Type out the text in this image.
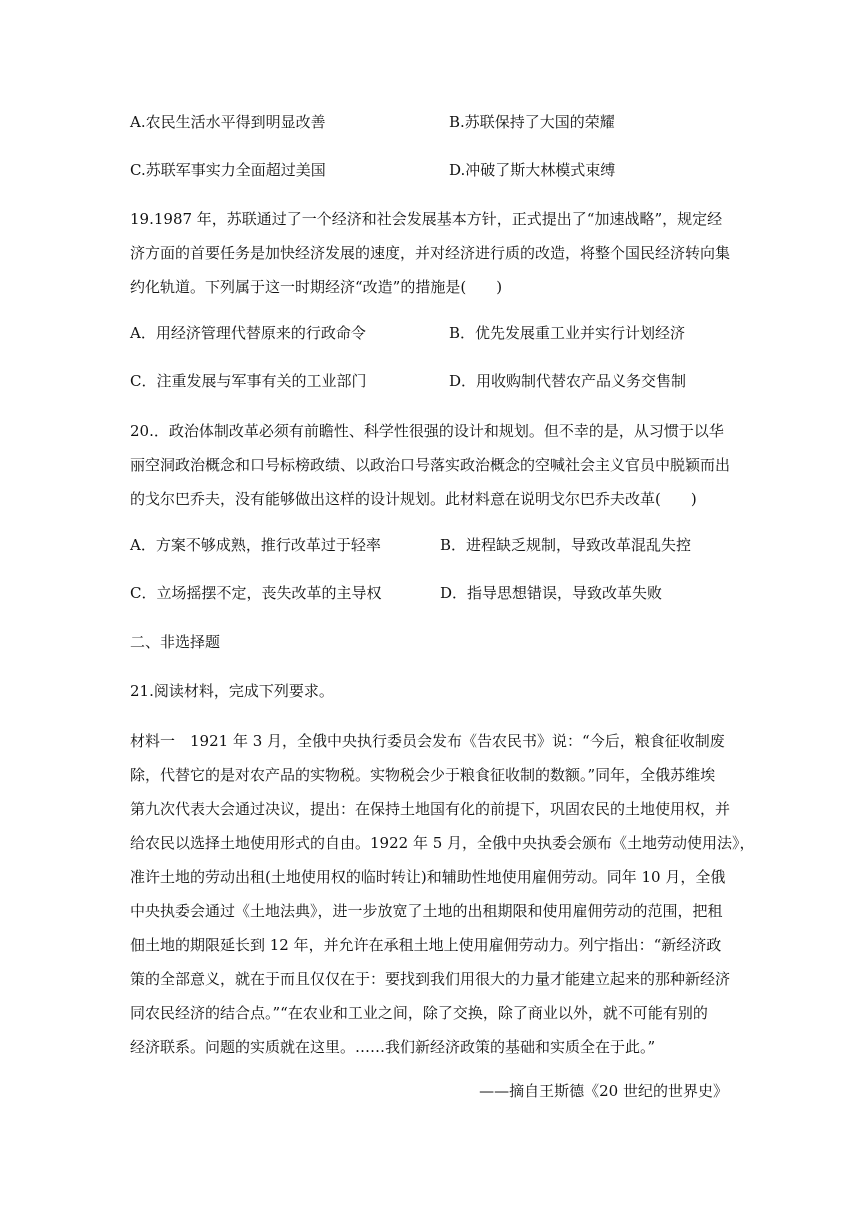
A.农民生活水平得到明显改善	B.苏联保持了大国的荣耀
C.苏联军事实力全面超过美国	D.冲破了斯大林模式束缚
19.1987 年，苏联通过了一个经济和社会发展基本方针，正式提出了“加速战略”，规定经
济方面的首要任务是加快经济发展的速度，并对经济进行质的改造，将整个国民经济转向集
约化轨道。下列属于这一时期经济“改造”的措施是(　　)
A．用经济管理代替原来的行政命令	B．优先发展重工业并实行计划经济
C．注重发展与军事有关的工业部门	D．用收购制代替农产品义务交售制
20.．政治体制改革必须有前瞻性、科学性很强的设计和规划。但不幸的是，从习惯于以华
丽空洞政治概念和口号标榜政绩、以政治口号落实政治概念的空喊社会主义官员中脱颖而出
的戈尔巴乔夫，没有能够做出这样的设计规划。此材料意在说明戈尔巴乔夫改革(　　)
A．方案不够成熟，推行改革过于轻率	B．进程缺乏规制，导致改革混乱失控
C．立场摇摆不定，丧失改革的主导权	D．指导思想错误，导致改革失败
二、非选择题
21.阅读材料，完成下列要求。
材料一　1921 年 3 月，全俄中央执行委员会发布《告农民书》说：“今后，粮食征收制废
除，代替它的是对农产品的实物税。实物税会少于粮食征收制的数额。”同年，全俄苏维埃
第九次代表大会通过决议，提出：在保持土地国有化的前提下，巩固农民的土地使用权，并
给农民以选择土地使用形式的自由。1922 年 5 月，全俄中央执委会颁布《土地劳动使用法》，
准许土地的劳动出租(土地使用权的临时转让)和辅助性地使用雇佣劳动。同年 10 月，全俄
中央执委会通过《土地法典》，进一步放宽了土地的出租期限和使用雇佣劳动的范围，把租
佃土地的期限延长到 12 年，并允许在承租土地上使用雇佣劳动力。列宁指出：“新经济政
策的全部意义，就在于而且仅仅在于：要找到我们用很大的力量才能建立起来的那种新经济
同农民经济的结合点。”“在农业和工业之间，除了交换，除了商业以外，就不可能有别的
经济联系。问题的实质就在这里。……我们新经济政策的基础和实质全在于此。”
——摘自王斯德《20 世纪的世界史》
